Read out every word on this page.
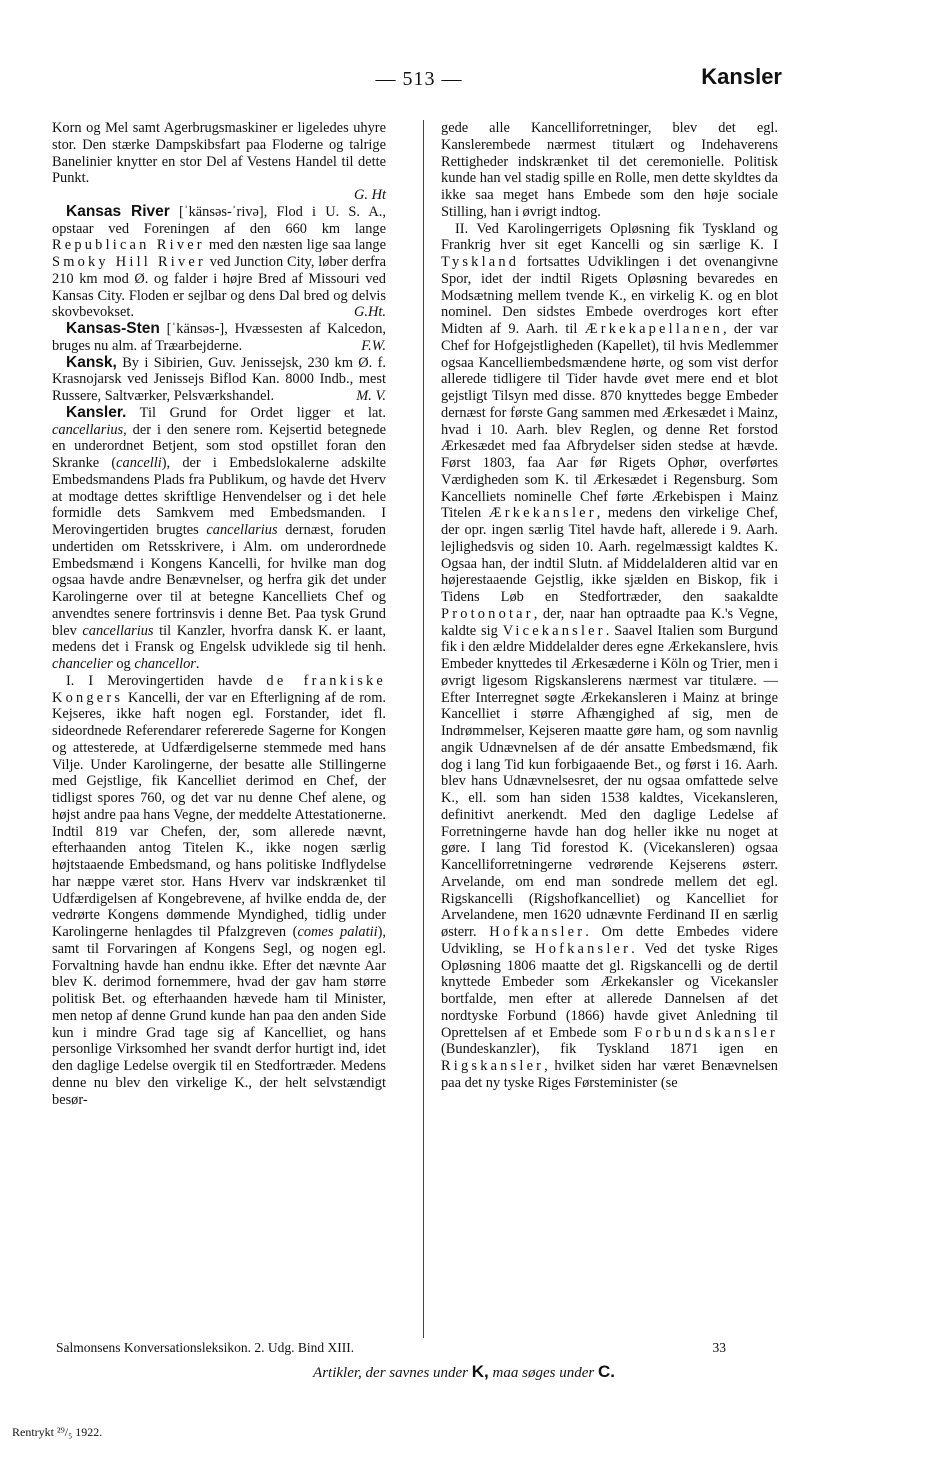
— 513 —	Kansler

Korn og Mel samt Agerbrugsmaskiner er ligeledes uhyre stor. Den stærke Dampskibsfart paa Floderne og talrige Banelinier knytter en stor Del af Vestens Handel til dette Punkt.
G. Ht

Kansas River [ˈkänsəs-ˈrivə], Flod i U. S. A., opstaar ved Foreningen af den 660 km lange Republican River med den næsten lige saa lange Smoky Hill River ved Junction City, løber derfra 210 km mod Ø. og falder i højre Bred af Missouri ved Kansas City. Floden er sejlbar og dens Dal bred og delvis skovbevokset.	G.Ht.

Kansas-Sten [ˈkänsəs-], Hvæssesten af Kalcedon, bruges nu alm. af Træarbejderne.	F.W.

Kansk, By i Sibirien, Guv. Jenissejsk, 230 km Ø. f. Krasnojarsk ved Jenissejs Biflod Kan. 8000 Indb., mest Russere, Saltværker, Pelsværkshandel.	M. V.

Kansler. Til Grund for Ordet ligger et lat. cancellarius, der i den senere rom. Kejsertid betegnede en underordnet Betjent, som stod opstillet foran den Skranke (cancelli), der i Embedslokalerne adskilte Embedsmandens Plads fra Publikum, og havde det Hverv at modtage dettes skriftlige Henvendelser og i det hele formidle dets Samkvem med Embedsmanden. I Merovingertiden brugtes cancellarius dernæst, foruden undertiden om Retsskrivere, i Alm. om underordnede Embedsmænd i Kongens Kancelli, for hvilke man dog ogsaa havde andre Benævnelser, og herfra gik det under Karolingerne over til at betegne Kancelliets Chef og anvendtes senere fortrinsvis i denne Bet. Paa tysk Grund blev cancellarius til Kanzler, hvorfra dansk K. er laant, medens det i Fransk og Engelsk udviklede sig til henh. chancelier og chancellor.

I. I Merovingertiden havde de frankiske Kongers Kancelli, der var en Efterligning af de rom. Kejseres, ikke haft nogen egl. Forstander, idet fl. sideordnede Referendarer refererede Sagerne for Kongen og attesterede, at Udfærdigelserne stemmede med hans Vilje. Under Karolingerne, der besatte alle Stillingerne med Gejstlige, fik Kancelliet derimod en Chef, der tidligst spores 760, og det var nu denne Chef alene, og højst andre paa hans Vegne, der meddelte Attestationerne. Indtil 819 var Chefen, der, som allerede nævnt, efterhaanden antog Titelen K., ikke nogen særlig højtstaaende Embedsmand, og hans politiske Indflydelse har næppe været stor. Hans Hverv var indskrænket til Udfærdigelsen af Kongebrevene, af hvilke endda de, der vedrørte Kongens dømmende Myndighed, tidlig under Karolingerne henlagdes til Pfalzgreven (comes palatii), samt til Forvaringen af Kongens Segl, og nogen egl. Forvaltning havde han endnu ikke. Efter det nævnte Aar blev K. derimod fornemmere, hvad der gav ham større politisk Bet. og efterhaanden hævede ham til Minister, men netop af denne Grund kunde han paa den anden Side kun i mindre Grad tage sig af Kancelliet, og hans personlige Virksomhed her svandt derfor hurtigt ind, idet den daglige Ledelse overgik til en Stedfortræder. Medens denne nu blev den virkelige K., der helt selvstændigt besør-

gede alle Kancelliforretninger, blev det egl. Kanslerembede nærmest titulært og Indehaverens Rettigheder indskrænket til det ceremonielle. Politisk kunde han vel stadig spille en Rolle, men dette skyldtes da ikke saa meget hans Embede som den høje sociale Stilling, han i øvrigt indtog.

II. Ved Karolingerrigets Opløsning fik Tyskland og Frankrig hver sit eget Kancelli og sin særlige K. I Tyskland fortsattes Udviklingen i det ovenangivne Spor, idet der indtil Rigets Opløsning bevaredes en Modsætning mellem tvende K., en virkelig K. og en blot nominel. Den sidstes Embede overdroges kort efter Midten af 9. Aarh. til Ærkekapellanen, der var Chef for Hofgejstligheden (Kapellet), til hvis Medlemmer ogsaa Kancelliembedsmændene hørte, og som vist derfor allerede tidligere til Tider havde øvet mere end et blot gejstligt Tilsyn med disse. 870 knyttedes begge Embeder dernæst for første Gang sammen med Ærkesædet i Mainz, hvad i 10. Aarh. blev Reglen, og denne Ret forstod Ærkesædet med faa Afbrydelser siden stedse at hævde. Først 1803, faa Aar før Rigets Ophør, overførtes Værdigheden som K. til Ærkesædet i Regensburg. Som Kancelliets nominelle Chef førte Ærkebispen i Mainz Titelen Ærkekansler, medens den virkelige Chef, der opr. ingen særlig Titel havde haft, allerede i 9. Aarh. lejlighedsvis og siden 10. Aarh. regelmæssigt kaldtes K. Ogsaa han, der indtil Slutn. af Middelalderen altid var en højerestaaende Gejstlig, ikke sjælden en Biskop, fik i Tidens Løb en Stedfortræder, den saakaldte Protonotar, der, naar han optraadte paa K.'s Vegne, kaldte sig Vicekansler. Saavel Italien som Burgund fik i den ældre Middelalder deres egne Ærkekanslere, hvis Embeder knyttedes til Ærkesæderne i Köln og Trier, men i øvrigt ligesom Rigskanslerens nærmest var titulære. — Efter Interregnet søgte Ærkekansleren i Mainz at bringe Kancelliet i større Afhængighed af sig, men de Indrømmelser, Kejseren maatte gøre ham, og som navnlig angik Udnævnelsen af de dér ansatte Embedsmænd, fik dog i lang Tid kun forbigaaende Bet., og først i 16. Aarh. blev hans Udnævnelsesret, der nu ogsaa omfattede selve K., ell. som han siden 1538 kaldtes, Vicekansleren, definitivt anerkendt. Med den daglige Ledelse af Forretningerne havde han dog heller ikke nu noget at gøre. I lang Tid forestod K. (Vicekansleren) ogsaa Kancelliforretningerne vedrørende Kejserens østerr. Arvelande, om end man sondrede mellem det egl. Rigskancelli (Rigshofkancelliet) og Kancelliet for Arvelandene, men 1620 udnævnte Ferdinand II en særlig østerr. Hofkansler. Om dette Embedes videre Udvikling, se Hofkansler. Ved det tyske Riges Opløsning 1806 maatte det gl. Rigskancelli og de dertil knyttede Embeder som Ærkekansler og Vicekansler bortfalde, men efter at allerede Dannelsen af det nordtyske Forbund (1866) havde givet Anledning til Oprettelsen af et Embede som Forbundskansler (Bundeskanzler), fik Tyskland 1871 igen en Rigskansler, hvilket siden har været Benævnelsen paa det ny tyske Riges Førsteminister (se

Salmonsens Konversationsleksikon. 2. Udg. Bind XIII.	33
Artikler, der savnes under K, maa søges under C.
Rentrykt ²⁹/₅ 1922.
